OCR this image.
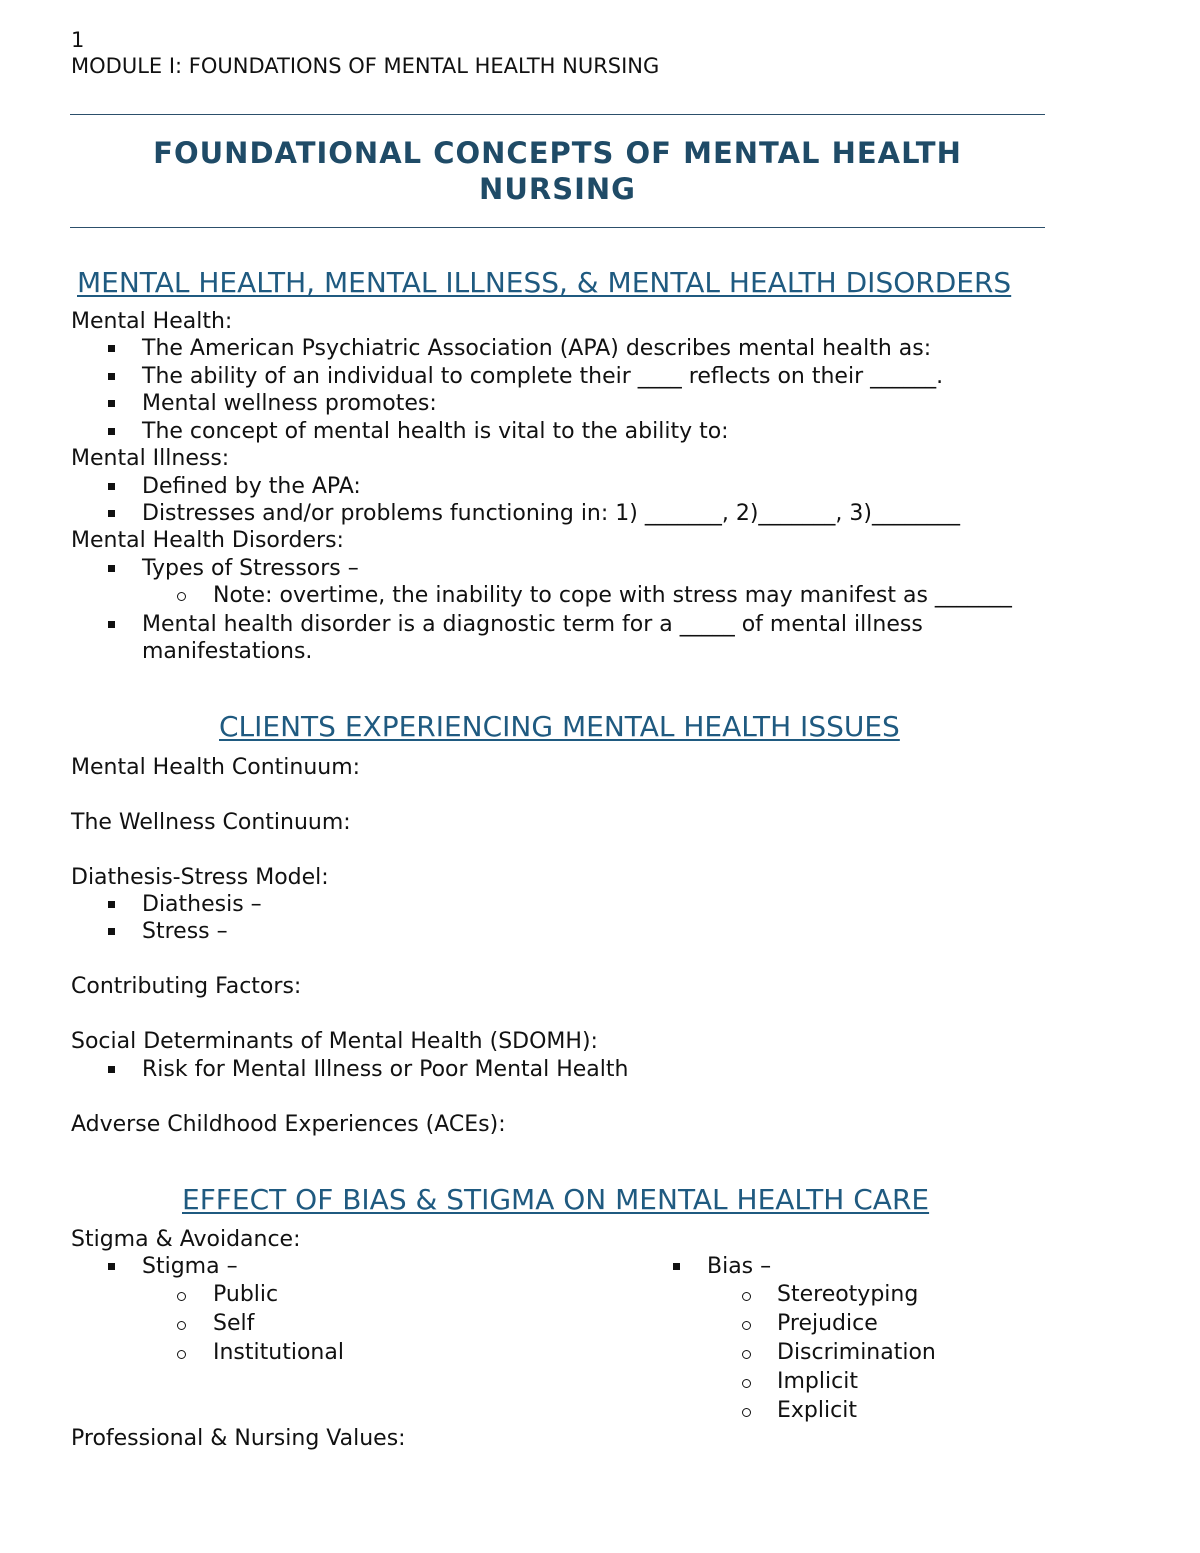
1
MODULE I: FOUNDATIONS OF MENTAL HEALTH NURSING
FOUNDATIONAL CONCEPTS OF MENTAL HEALTH NURSING
MENTAL HEALTH, MENTAL ILLNESS, & MENTAL HEALTH DISORDERS
Mental Health:
The American Psychiatric Association (APA) describes mental health as:
The ability of an individual to complete their ____ reflects on their ______.
Mental wellness promotes:
The concept of mental health is vital to the ability to:
Mental Illness:
Defined by the APA:
Distresses and/or problems functioning in: 1) _______, 2)_______, 3)________
Mental Health Disorders:
Types of Stressors –
Note: overtime, the inability to cope with stress may manifest as _______
Mental health disorder is a diagnostic term for a _____ of mental illness
manifestations.
CLIENTS EXPERIENCING MENTAL HEALTH ISSUES
Mental Health Continuum:
The Wellness Continuum:
Diathesis-Stress Model:
Diathesis –
Stress –
Contributing Factors:
Social Determinants of Mental Health (SDOMH):
Risk for Mental Illness or Poor Mental Health
Adverse Childhood Experiences (ACEs):
EFFECT OF BIAS & STIGMA ON MENTAL HEALTH CARE
Stigma & Avoidance:
Stigma –
Public
Self
Institutional
Bias –
Stereotyping
Prejudice
Discrimination
Implicit
Explicit
Professional & Nursing Values:
